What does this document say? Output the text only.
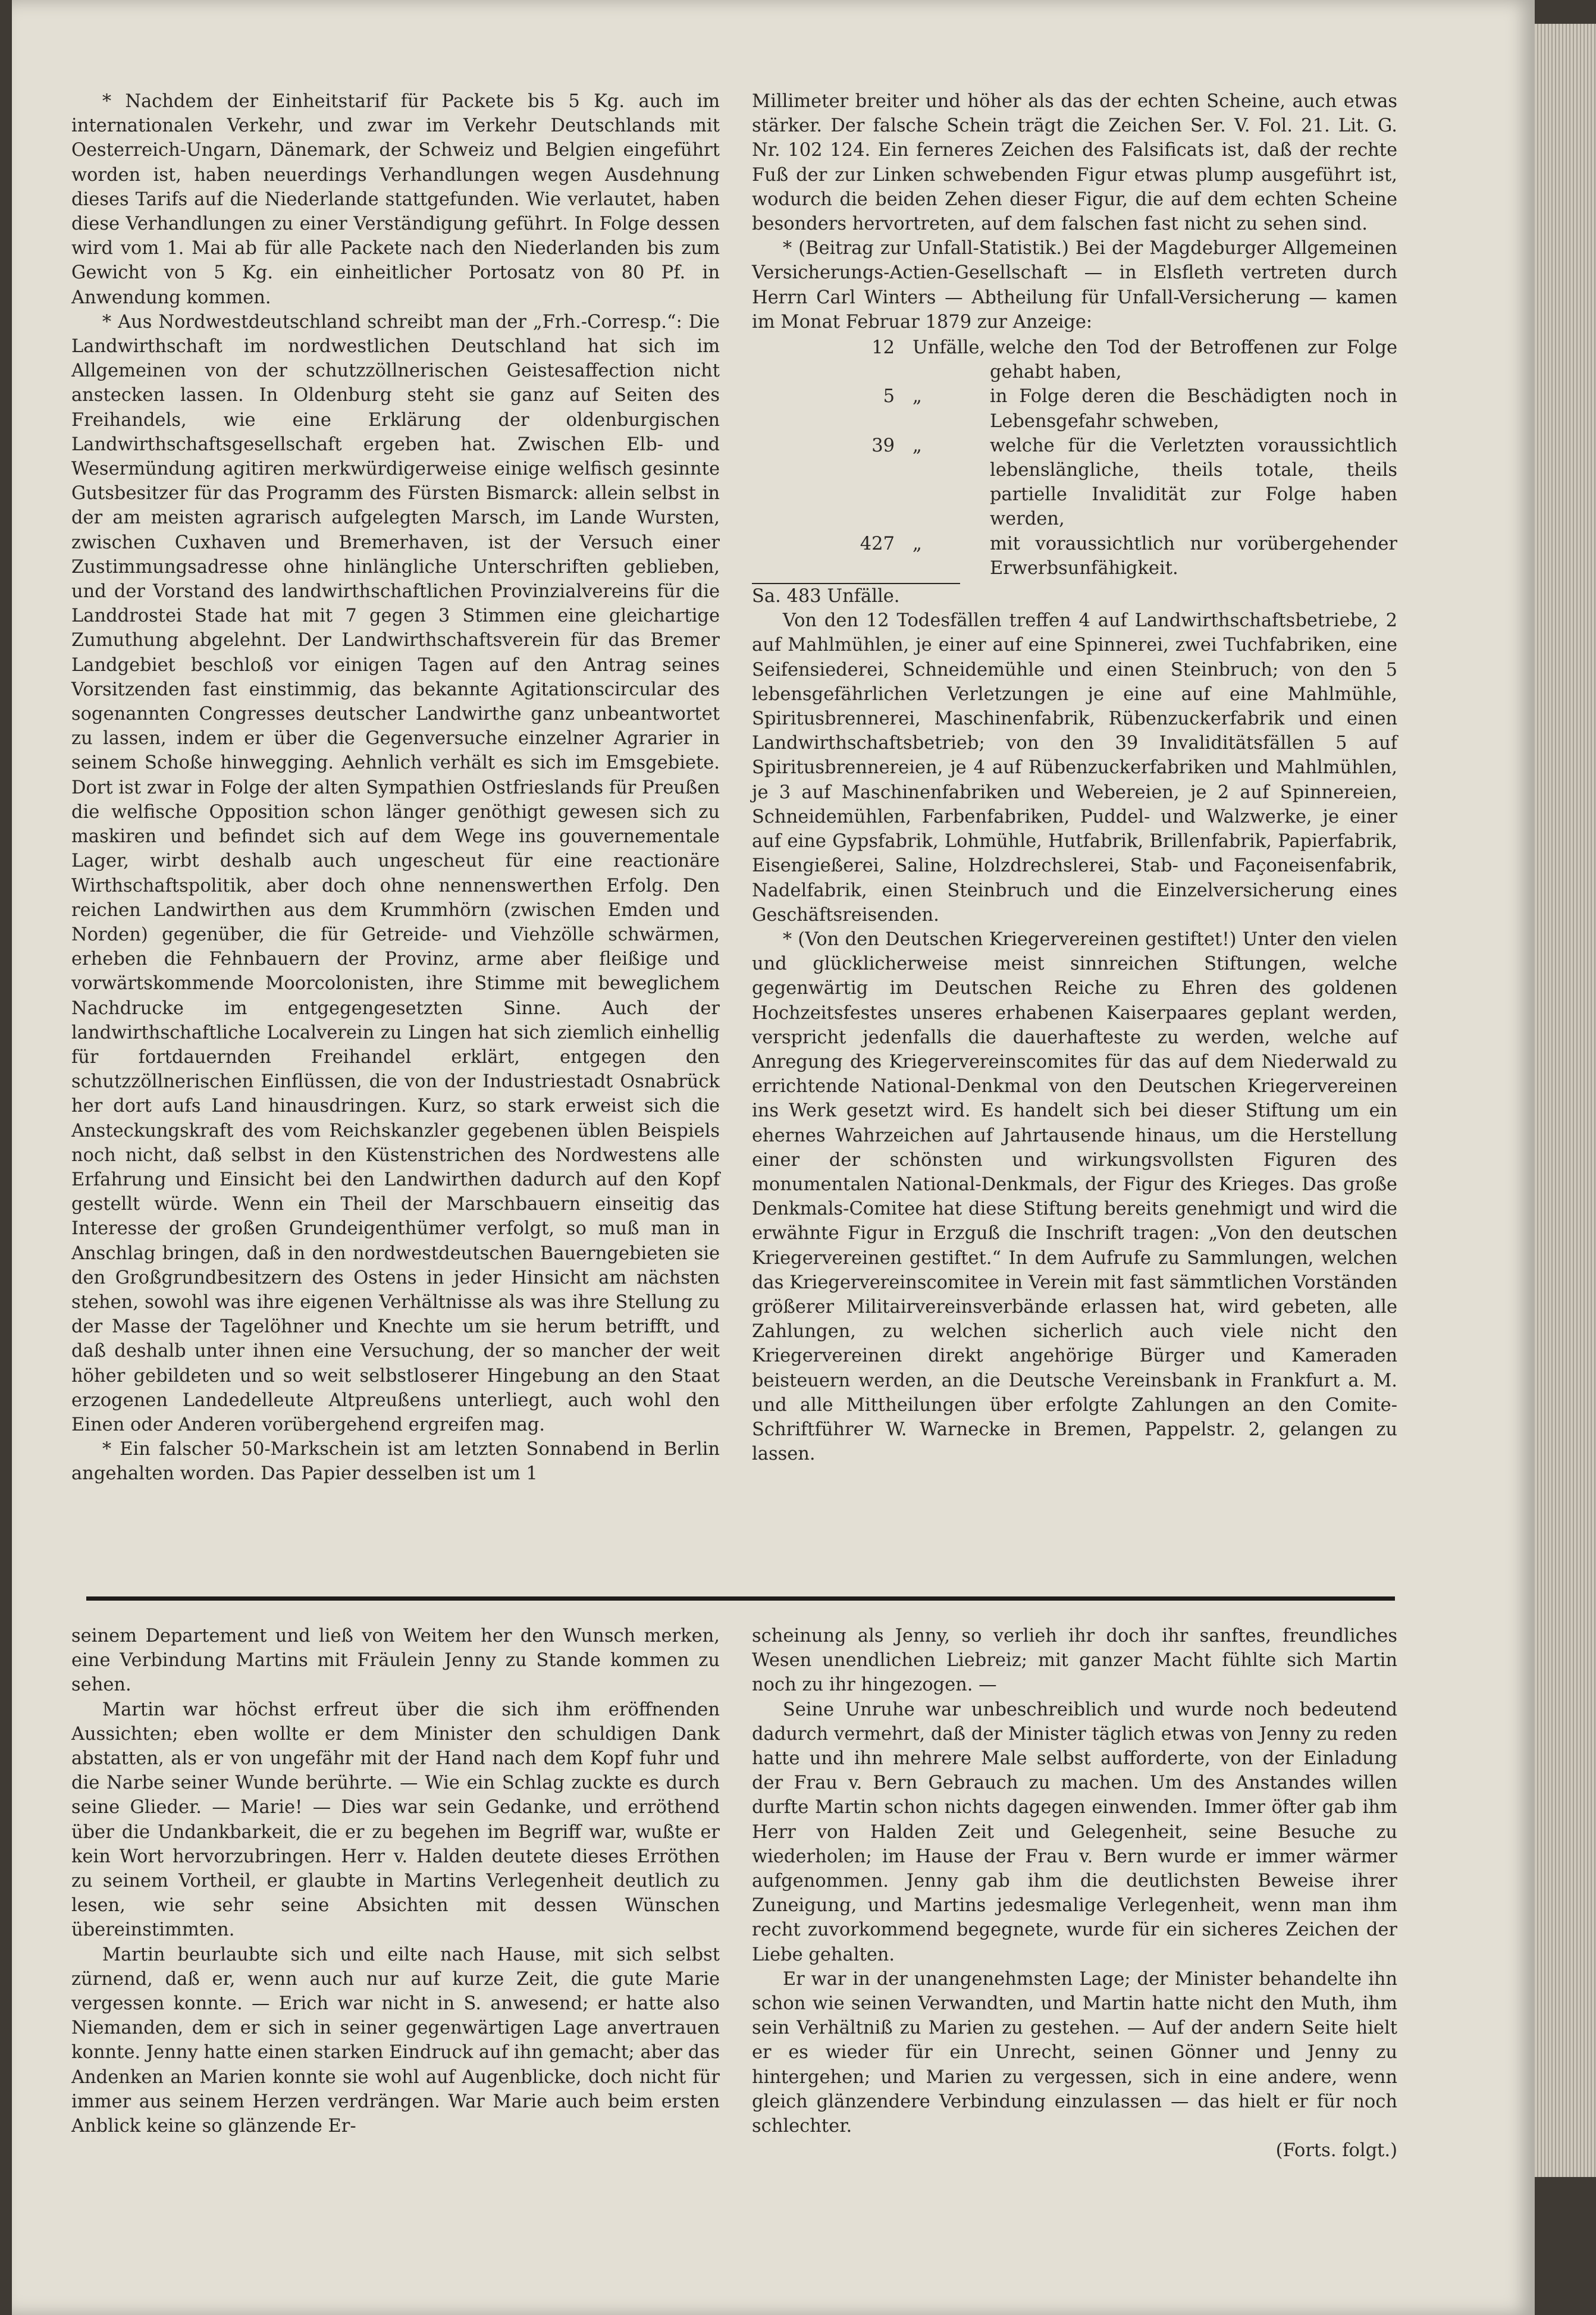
* Nachdem der Einheitstarif für Packete bis 5 Kg. auch im internationalen Verkehr, und zwar im Verkehr Deutschlands mit Oesterreich-Ungarn, Dänemark, der Schweiz und Belgien eingeführt worden ist, haben neuerdings Verhandlungen wegen Ausdehnung dieses Tarifs auf die Niederlande stattgefunden. Wie verlautet, haben diese Verhandlungen zu einer Verständigung geführt. In Folge dessen wird vom 1. Mai ab für alle Packete nach den Niederlanden bis zum Gewicht von 5 Kg. ein einheitlicher Portosatz von 80 Pf. in Anwendung kommen.

* Aus Nordwestdeutschland schreibt man der „Frh.-Corresp.“: Die Landwirthschaft im nordwestlichen Deutschland hat sich im Allgemeinen von der schutzzöllnerischen Geistesaffection nicht anstecken lassen. In Oldenburg steht sie ganz auf Seiten des Freihandels, wie eine Erklärung der oldenburgischen Landwirthschaftsgesellschaft ergeben hat. Zwischen Elb- und Wesermündung agitiren merkwürdigerweise einige welfisch gesinnte Gutsbesitzer für das Programm des Fürsten Bismarck: allein selbst in der am meisten agrarisch aufgelegten Marsch, im Lande Wursten, zwischen Cuxhaven und Bremerhaven, ist der Versuch einer Zustimmungsadresse ohne hinlängliche Unterschriften geblieben, und der Vorstand des landwirthschaftlichen Provinzialvereins für die Landdrostei Stade hat mit 7 gegen 3 Stimmen eine gleichartige Zumuthung abgelehnt. Der Landwirthschaftsverein für das Bremer Landgebiet beschloß vor einigen Tagen auf den Antrag seines Vorsitzenden fast einstimmig, das bekannte Agitationscircular des sogenannten Congresses deutscher Landwirthe ganz unbeantwortet zu lassen, indem er über die Gegenversuche einzelner Agrarier in seinem Schoße hinwegging. Aehnlich verhält es sich im Emsgebiete. Dort ist zwar in Folge der alten Sympathien Ostfrieslands für Preußen die welfische Opposition schon länger genöthigt gewesen sich zu maskiren und befindet sich auf dem Wege ins gouvernementale Lager, wirbt deshalb auch ungescheut für eine reactionäre Wirthschaftspolitik, aber doch ohne nennenswerthen Erfolg. Den reichen Landwirthen aus dem Krummhörn (zwischen Emden und Norden) gegenüber, die für Getreide- und Viehzölle schwärmen, erheben die Fehnbauern der Provinz, arme aber fleißige und vorwärtskommende Moorcolonisten, ihre Stimme mit beweglichem Nachdrucke im entgegengesetzten Sinne. Auch der landwirthschaftliche Localverein zu Lingen hat sich ziemlich einhellig für fortdauernden Freihandel erklärt, entgegen den schutzzöllnerischen Einflüssen, die von der Industriestadt Osnabrück her dort aufs Land hinausdringen. Kurz, so stark erweist sich die Ansteckungskraft des vom Reichskanzler gegebenen üblen Beispiels noch nicht, daß selbst in den Küstenstrichen des Nordwestens alle Erfahrung und Einsicht bei den Landwirthen dadurch auf den Kopf gestellt würde. Wenn ein Theil der Marschbauern einseitig das Interesse der großen Grundeigenthümer verfolgt, so muß man in Anschlag bringen, daß in den nordwestdeutschen Bauerngebieten sie den Großgrundbesitzern des Ostens in jeder Hinsicht am nächsten stehen, sowohl was ihre eigenen Verhältnisse als was ihre Stellung zu der Masse der Tagelöhner und Knechte um sie herum betrifft, und daß deshalb unter ihnen eine Versuchung, der so mancher der weit höher gebildeten und so weit selbstloserer Hingebung an den Staat erzogenen Landedelleute Altpreußens unterliegt, auch wohl den Einen oder Anderen vorübergehend ergreifen mag.

* Ein falscher 50-Markschein ist am letzten Sonnabend in Berlin angehalten worden. Das Papier desselben ist um 1

Millimeter breiter und höher als das der echten Scheine, auch etwas stärker. Der falsche Schein trägt die Zeichen Ser. V. Fol. 21. Lit. G. Nr. 102 124. Ein ferneres Zeichen des Falsificats ist, daß der rechte Fuß der zur Linken schwebenden Figur etwas plump ausgeführt ist, wodurch die beiden Zehen dieser Figur, die auf dem echten Scheine besonders hervortreten, auf dem falschen fast nicht zu sehen sind.

* (Beitrag zur Unfall-Statistik.) Bei der Magdeburger Allgemeinen Versicherungs-Actien-Gesellschaft — in Elsfleth vertreten durch Herrn Carl Winters — Abtheilung für Unfall-Versicherung — kamen im Monat Februar 1879 zur Anzeige:

12	Unfälle,	welche den Tod der Betroffenen zur Folge gehabt haben,
5	„	in Folge deren die Beschädigten noch in Lebensgefahr schweben,
39	„	welche für die Verletzten voraussichtlich lebenslängliche, theils totale, theils partielle Invalidität zur Folge haben werden,
427	„	mit voraussichtlich nur vorübergehender Erwerbsunfähigkeit.
Sa. 483 Unfälle.

Von den 12 Todesfällen treffen 4 auf Landwirthschaftsbetriebe, 2 auf Mahlmühlen, je einer auf eine Spinnerei, zwei Tuchfabriken, eine Seifensiederei, Schneidemühle und einen Steinbruch; von den 5 lebensgefährlichen Verletzungen je eine auf eine Mahlmühle, Spiritusbrennerei, Maschinenfabrik, Rübenzuckerfabrik und einen Landwirthschaftsbetrieb; von den 39 Invaliditätsfällen 5 auf Spiritusbrennereien, je 4 auf Rübenzuckerfabriken und Mahlmühlen, je 3 auf Maschinenfabriken und Webereien, je 2 auf Spinnereien, Schneidemühlen, Farbenfabriken, Puddel- und Walzwerke, je einer auf eine Gypsfabrik, Lohmühle, Hutfabrik, Brillenfabrik, Papierfabrik, Eisengießerei, Saline, Holzdrechslerei, Stab- und Façoneisenfabrik, Nadelfabrik, einen Steinbruch und die Einzelversicherung eines Geschäftsreisenden.

* (Von den Deutschen Kriegervereinen gestiftet!) Unter den vielen und glücklicherweise meist sinnreichen Stiftungen, welche gegenwärtig im Deutschen Reiche zu Ehren des goldenen Hochzeitsfestes unseres erhabenen Kaiserpaares geplant werden, verspricht jedenfalls die dauerhafteste zu werden, welche auf Anregung des Kriegervereinscomites für das auf dem Niederwald zu errichtende National-Denkmal von den Deutschen Kriegervereinen ins Werk gesetzt wird. Es handelt sich bei dieser Stiftung um ein ehernes Wahrzeichen auf Jahrtausende hinaus, um die Herstellung einer der schönsten und wirkungsvollsten Figuren des monumentalen National-Denkmals, der Figur des Krieges. Das große Denkmals-Comitee hat diese Stiftung bereits genehmigt und wird die erwähnte Figur in Erzguß die Inschrift tragen: „Von den deutschen Kriegervereinen gestiftet.“ In dem Aufrufe zu Sammlungen, welchen das Kriegervereinscomitee in Verein mit fast sämmtlichen Vorständen größerer Militairvereinsverbände erlassen hat, wird gebeten, alle Zahlungen, zu welchen sicherlich auch viele nicht den Kriegervereinen direkt angehörige Bürger und Kameraden beisteuern werden, an die Deutsche Vereinsbank in Frankfurt a. M. und alle Mittheilungen über erfolgte Zahlungen an den Comite-Schriftführer W. Warnecke in Bremen, Pappelstr. 2, gelangen zu lassen.

seinem Departement und ließ von Weitem her den Wunsch merken, eine Verbindung Martins mit Fräulein Jenny zu Stande kommen zu sehen.

Martin war höchst erfreut über die sich ihm eröffnenden Aussichten; eben wollte er dem Minister den schuldigen Dank abstatten, als er von ungefähr mit der Hand nach dem Kopf fuhr und die Narbe seiner Wunde berührte. — Wie ein Schlag zuckte es durch seine Glieder. — Marie! — Dies war sein Gedanke, und erröthend über die Undankbarkeit, die er zu begehen im Begriff war, wußte er kein Wort hervorzubringen. Herr v. Halden deutete dieses Erröthen zu seinem Vortheil, er glaubte in Martins Verlegenheit deutlich zu lesen, wie sehr seine Absichten mit dessen Wünschen übereinstimmten.

Martin beurlaubte sich und eilte nach Hause, mit sich selbst zürnend, daß er, wenn auch nur auf kurze Zeit, die gute Marie vergessen konnte. — Erich war nicht in S. anwesend; er hatte also Niemanden, dem er sich in seiner gegenwärtigen Lage anvertrauen konnte. Jenny hatte einen starken Eindruck auf ihn gemacht; aber das Andenken an Marien konnte sie wohl auf Augenblicke, doch nicht für immer aus seinem Herzen verdrängen. War Marie auch beim ersten Anblick keine so glänzende Er-

scheinung als Jenny, so verlieh ihr doch ihr sanftes, freundliches Wesen unendlichen Liebreiz; mit ganzer Macht fühlte sich Martin noch zu ihr hingezogen. —

Seine Unruhe war unbeschreiblich und wurde noch bedeutend dadurch vermehrt, daß der Minister täglich etwas von Jenny zu reden hatte und ihn mehrere Male selbst aufforderte, von der Einladung der Frau v. Bern Gebrauch zu machen. Um des Anstandes willen durfte Martin schon nichts dagegen einwenden. Immer öfter gab ihm Herr von Halden Zeit und Gelegenheit, seine Besuche zu wiederholen; im Hause der Frau v. Bern wurde er immer wärmer aufgenommen. Jenny gab ihm die deutlichsten Beweise ihrer Zuneigung, und Martins jedesmalige Verlegenheit, wenn man ihm recht zuvorkommend begegnete, wurde für ein sicheres Zeichen der Liebe gehalten.

Er war in der unangenehmsten Lage; der Minister behandelte ihn schon wie seinen Verwandten, und Martin hatte nicht den Muth, ihm sein Verhältniß zu Marien zu gestehen. — Auf der andern Seite hielt er es wieder für ein Unrecht, seinen Gönner und Jenny zu hintergehen; und Marien zu vergessen, sich in eine andere, wenn gleich glänzendere Verbindung einzulassen — das hielt er für noch schlechter.

(Forts. folgt.)
